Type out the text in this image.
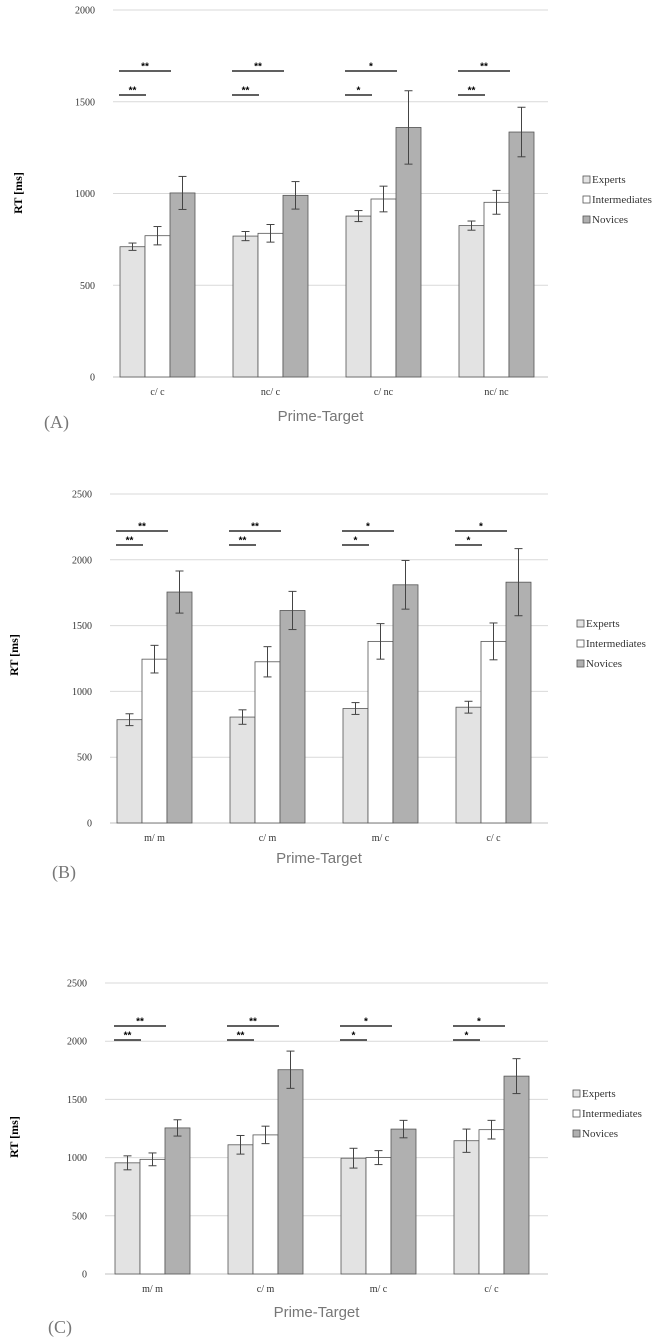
0
500
1000
1500
2000
c/ c
**
**
nc/ c
**
**
c/ nc
*
*
nc/ nc
**
**
RT [ms]
Prime-Target
(A)
Experts
Intermediates
Novices
0
500
1000
1500
2000
2500
m/ m
**
**
c/ m
**
**
m/ c
*
*
c/ c
*
*
RT [ms]
Prime-Target
(B)
Experts
Intermediates
Novices
0
500
1000
1500
2000
2500
m/ m
**
**
c/ m
**
**
m/ c
*
*
c/ c
*
*
RT [ms]
Prime-Target
(C)
Experts
Intermediates
Novices
